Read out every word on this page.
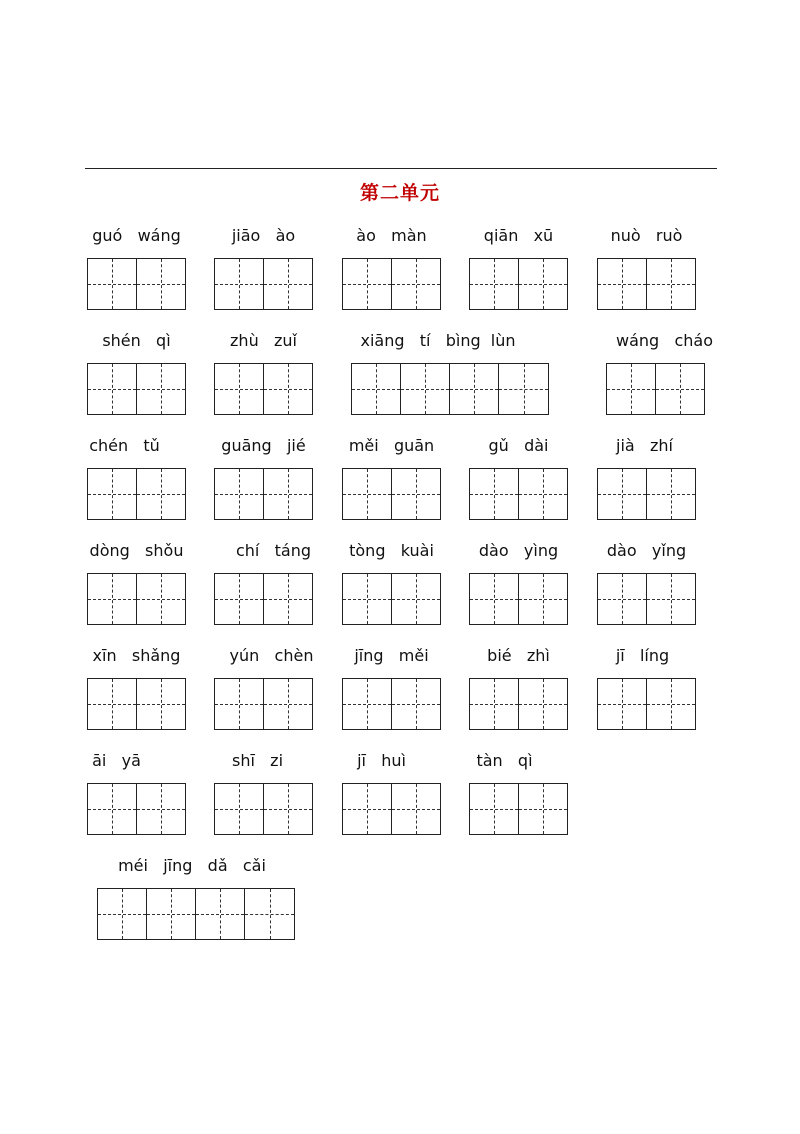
第二单元
guó   wáng	jiāo   ào	ào   màn	qiān   xū	nuò   ruò
shén   qì	zhù   zuǐ	xiāng   tí   bìng  lùn	wáng   cháo
chén   tǔ	guāng   jié	měi   guān	gǔ   dài	jià   zhí
dòng   shǒu	chí   táng	tòng   kuài	dào   yìng	dào   yǐng
xīn   shǎng	yún   chèn	jīng   měi	bié   zhì	jī   líng
āi   yā	shī   zi	jī   huì	tàn   qì
méi   jīng   dǎ   cǎi
